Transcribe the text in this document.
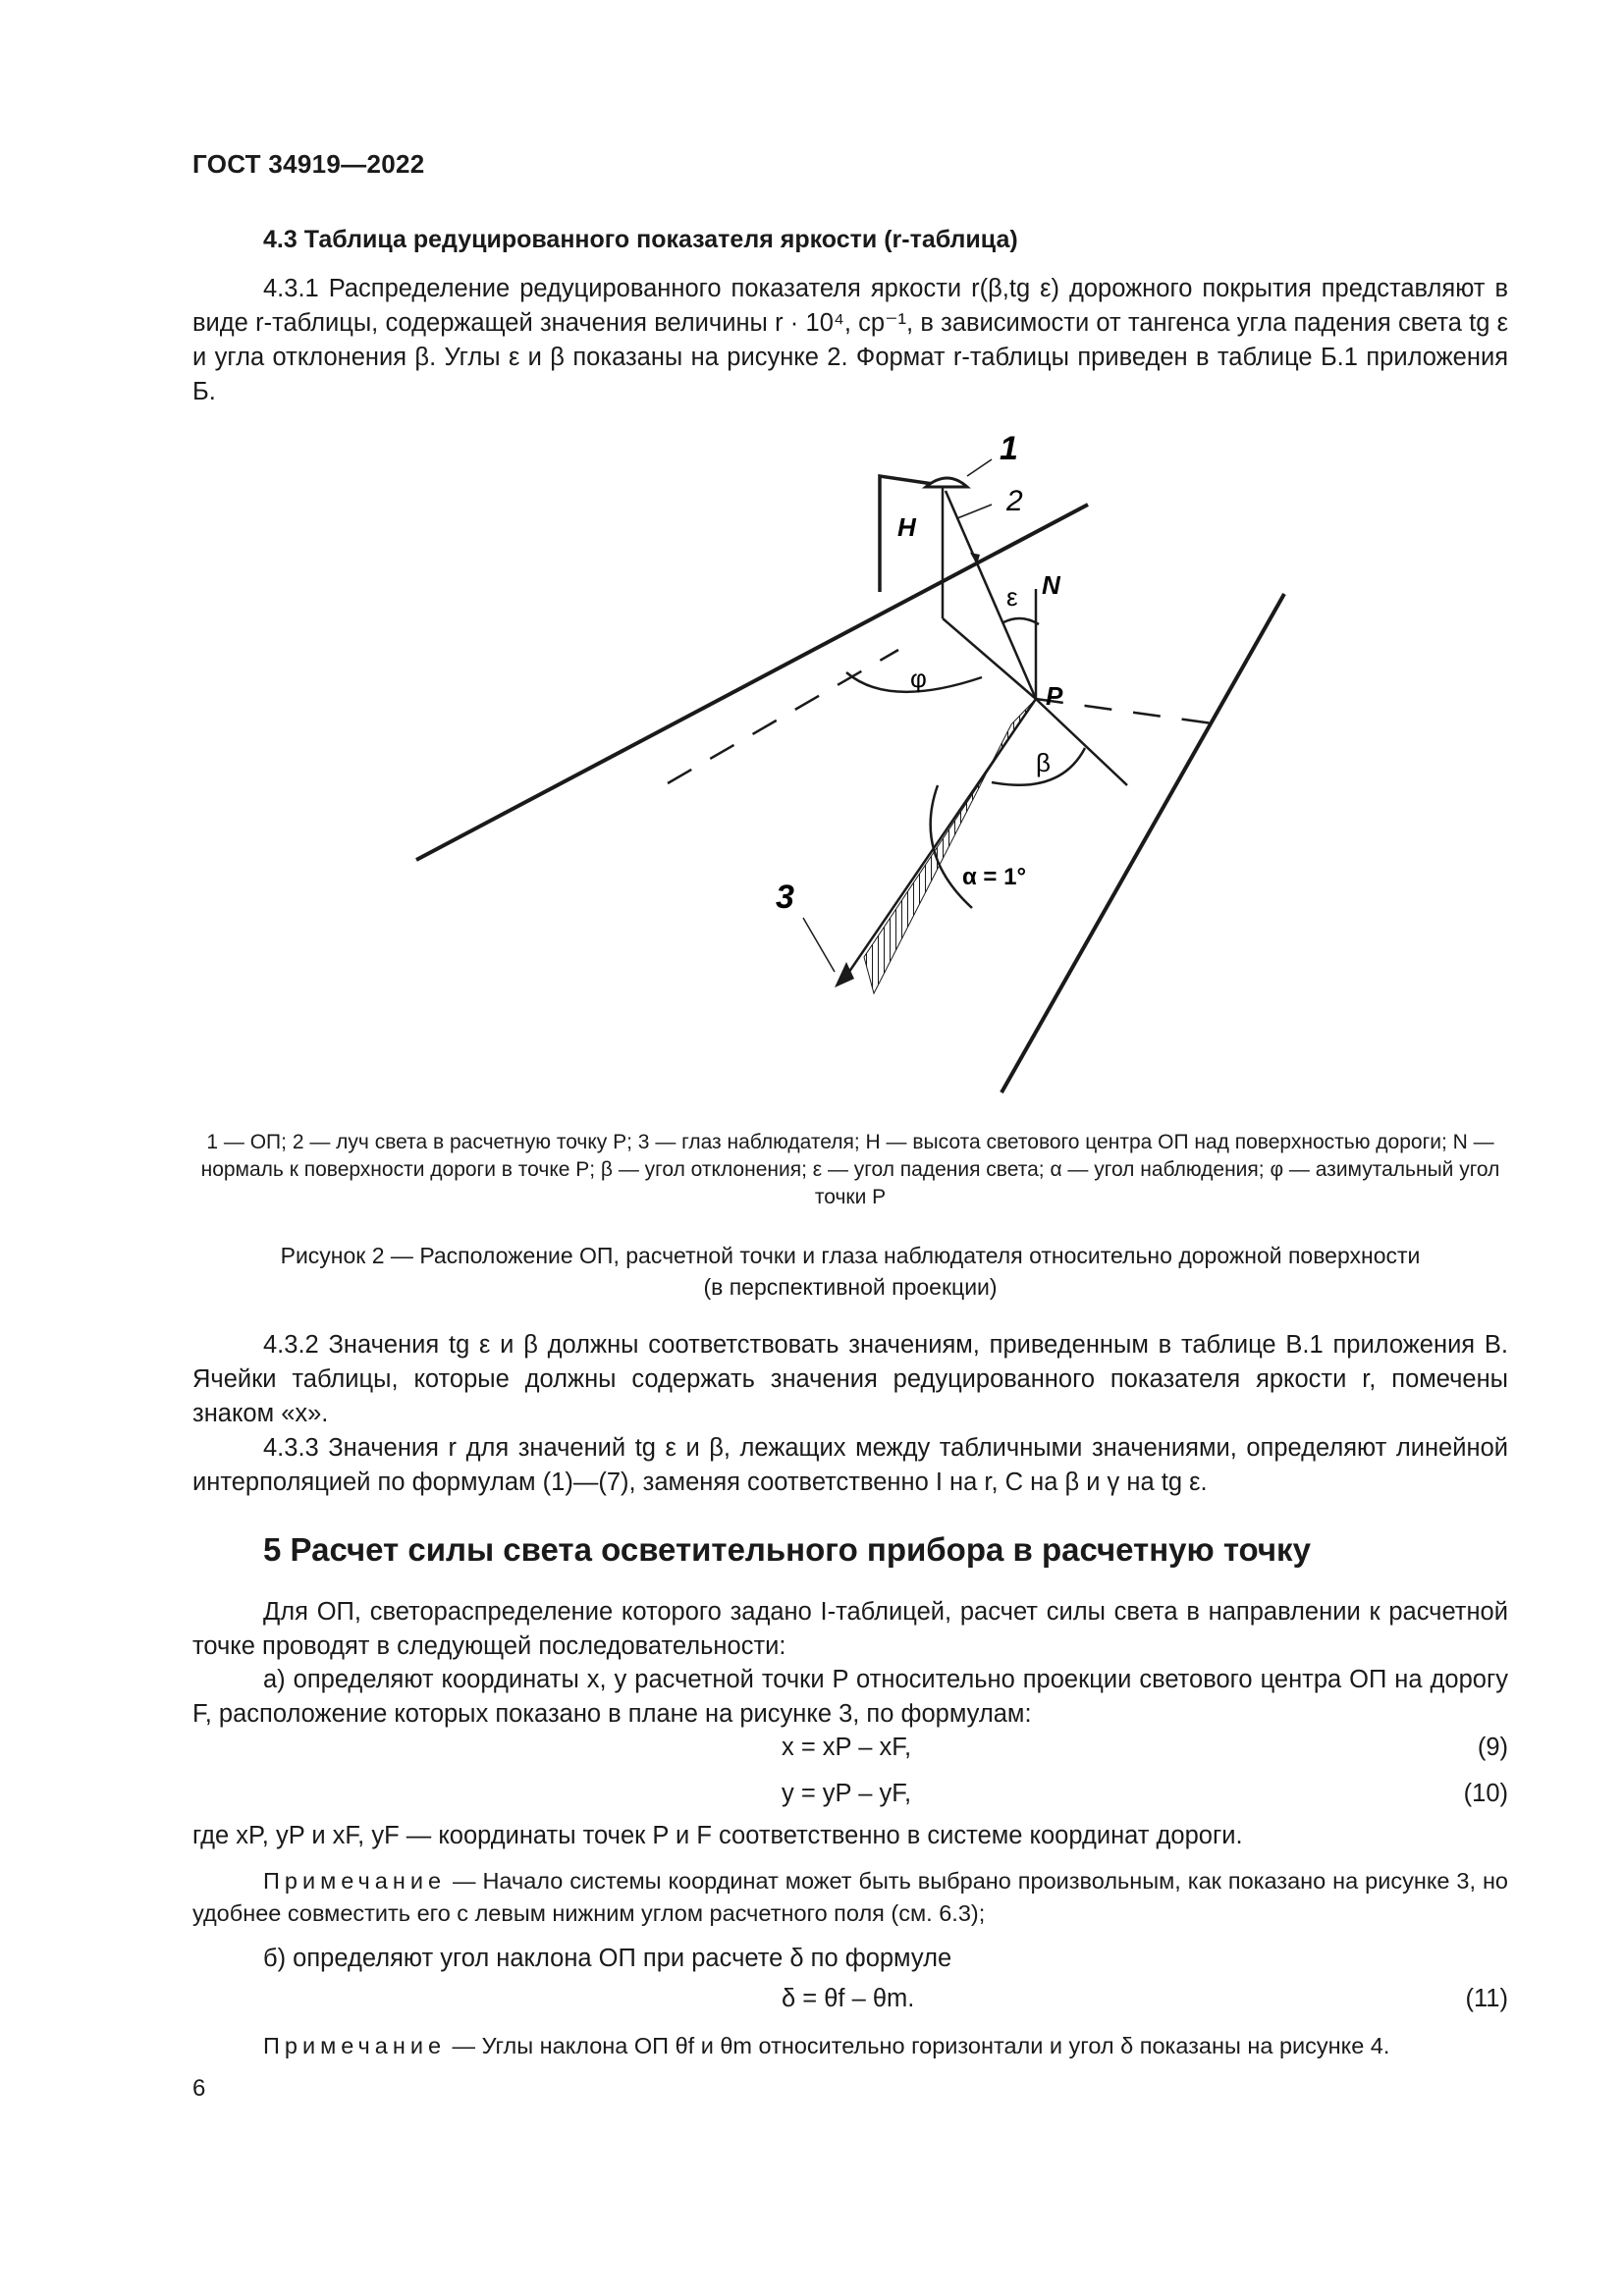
ГОСТ 34919—2022
4.3 Таблица редуцированного показателя яркости (r-таблица)
4.3.1 Распределение редуцированного показателя яркости r(β,tg ε) дорожного покрытия представляют в виде r-таблицы, содержащей значения величины r · 10⁴, ср⁻¹, в зависимости от тангенса угла падения света tg ε и угла отклонения β. Углы ε и β показаны на рисунке 2. Формат r-таблицы приведен в таблице Б.1 приложения Б.
1
2
H
N
ε
φ
P
β
α = 1°
3
1 — ОП; 2 — луч света в расчетную точку P; 3 — глаз наблюдателя; H — высота светового центра ОП над поверхностью дороги; N — нормаль к поверхности дороги в точке P; β — угол отклонения; ε — угол падения света; α — угол наблюдения; φ — азимутальный угол точки P
Рисунок 2 — Расположение ОП, расчетной точки и глаза наблюдателя относительно дорожной поверхности
(в перспективной проекции)
4.3.2 Значения tg ε и β должны соответствовать значениям, приведенным в таблице В.1 приложения В. Ячейки таблицы, которые должны содержать значения редуцированного показателя яркости r, помечены знаком «х».
4.3.3 Значения r для значений tg ε и β, лежащих между табличными значениями, определяют линейной интерполяцией по формулам (1)—(7), заменяя соответственно I на r, C на β и γ на tg ε.
5 Расчет силы света осветительного прибора в расчетную точку
Для ОП, светораспределение которого задано I-таблицей, расчет силы света в направлении к расчетной точке проводят в следующей последовательности:
а) определяют координаты x, y расчетной точки P относительно проекции светового центра ОП на дорогу F, расположение которых показано в плане на рисунке 3, по формулам:
x = xP – xF,	(9)
y = yP – yF,	(10)
где xP, yP и xF, yF — координаты точек P и F соответственно в системе координат дороги.
Примечание — Начало системы координат может быть выбрано произвольным, как показано на рисунке 3, но удобнее совместить его с левым нижним углом расчетного поля (см. 6.3);
б) определяют угол наклона ОП при расчете δ по формуле
δ = θf – θm.	(11)
Примечание — Углы наклона ОП θf и θm относительно горизонтали и угол δ показаны на рисунке 4.
6
